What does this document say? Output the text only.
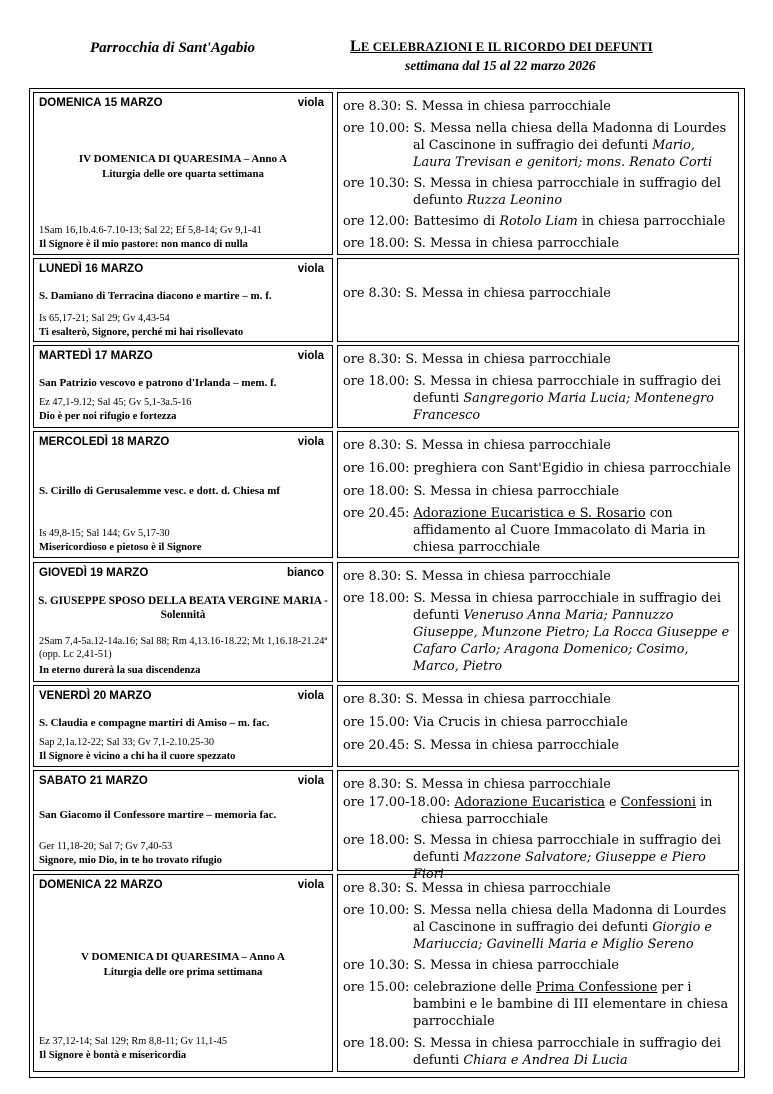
Parrocchia di Sant'Agabio	LE CELEBRAZIONI E IL RICORDO DEI DEFUNTI
settimana dal 15 al 22 marzo 2026
DOMENICA 15 MARZO	viola
IV DOMENICA DI QUARESIMA – Anno A
Liturgia delle ore quarta settimana
1Sam 16,1b.4.6-7.10-13; Sal 22; Ef 5,8-14; Gv 9,1-41
Il Signore è il mio pastore: non manco di nulla
ore 8.30: S. Messa in chiesa parrocchiale
ore 10.00: S. Messa nella chiesa della Madonna di Lourdes al Cascinone in suffragio dei defunti Mario, Laura Trevisan e genitori; mons. Renato Corti
ore 10.30: S. Messa in chiesa parrocchiale in suffragio del defunto Ruzza Leonino
ore 12.00: Battesimo di Rotolo Liam in chiesa parrocchiale
ore 18.00: S. Messa in chiesa parrocchiale
LUNEDÌ 16 MARZO	viola
S. Damiano di Terracina diacono e martire – m. f.
Is 65,17-21; Sal 29; Gv 4,43-54
Ti esalterò, Signore, perché mi hai risollevato
ore 8.30: S. Messa in chiesa parrocchiale
MARTEDÌ 17 MARZO	viola
San Patrizio vescovo e patrono d'Irlanda – mem. f.
Ez 47,1-9.12; Sal 45; Gv 5,1-3a.5-16
Dio è per noi rifugio e fortezza
ore 8.30: S. Messa in chiesa parrocchiale
ore 18.00: S. Messa in chiesa parrocchiale in suffragio dei defunti Sangregorio Maria Lucia; Montenegro Francesco
MERCOLEDÌ 18 MARZO	viola
S. Cirillo di Gerusalemme vesc. e dott. d. Chiesa mf
Is 49,8-15; Sal 144; Gv 5,17-30
Misericordioso e pietoso è il Signore
ore 8.30: S. Messa in chiesa parrocchiale
ore 16.00: preghiera con Sant'Egidio in chiesa parrocchiale
ore 18.00: S. Messa in chiesa parrocchiale
ore 20.45: Adorazione Eucaristica e S. Rosario con affidamento al Cuore Immacolato di Maria in chiesa parrocchiale
GIOVEDÌ 19 MARZO	bianco
S. GIUSEPPE SPOSO DELLA BEATA VERGINE MARIA - Solennità
2Sam 7,4-5a.12-14a.16; Sal 88; Rm 4,13.16-18.22; Mt 1,16.18-21.24ª (opp. Lc 2,41-51)
In eterno durerà la sua discendenza
ore 8.30: S. Messa in chiesa parrocchiale
ore 18.00: S. Messa in chiesa parrocchiale in suffragio dei defunti Veneruso Anna Maria; Pannuzzo Giuseppe, Munzone Pietro; La Rocca Giuseppe e Cafaro Carlo; Aragona Domenico; Cosimo, Marco, Pietro
VENERDÌ 20 MARZO	viola
S. Claudia e compagne martiri di Amiso – m. fac.
Sap 2,1a.12-22; Sal 33; Gv 7,1-2.10.25-30
Il Signore è vicino a chi ha il cuore spezzato
ore 8.30: S. Messa in chiesa parrocchiale
ore 15.00: Via Crucis in chiesa parrocchiale
ore 20.45: S. Messa in chiesa parrocchiale
SABATO 21 MARZO	viola
San Giacomo il Confessore martire – memoria fac.
Ger 11,18-20; Sal 7; Gv 7,40-53
Signore, mio Dio, in te ho trovato rifugio
ore 8.30: S. Messa in chiesa parrocchiale
ore 17.00-18.00: Adorazione Eucaristica e Confessioni in chiesa parrocchiale
ore 18.00: S. Messa in chiesa parrocchiale in suffragio dei defunti Mazzone Salvatore; Giuseppe e Piero Fiori
DOMENICA 22 MARZO	viola
V DOMENICA DI QUARESIMA – Anno A
Liturgia delle ore prima settimana
Ez 37,12-14; Sal 129; Rm 8,8-11; Gv 11,1-45
Il Signore è bontà e misericordia
ore 8.30: S. Messa in chiesa parrocchiale
ore 10.00: S. Messa nella chiesa della Madonna di Lourdes al Cascinone in suffragio dei defunti Giorgio e Mariuccia; Gavinelli Maria e Miglio Sereno
ore 10.30: S. Messa in chiesa parrocchiale
ore 15.00: celebrazione delle Prima Confessione per i bambini e le bambine di III elementare in chiesa parrocchiale
ore 18.00: S. Messa in chiesa parrocchiale in suffragio dei defunti Chiara e Andrea Di Lucia
